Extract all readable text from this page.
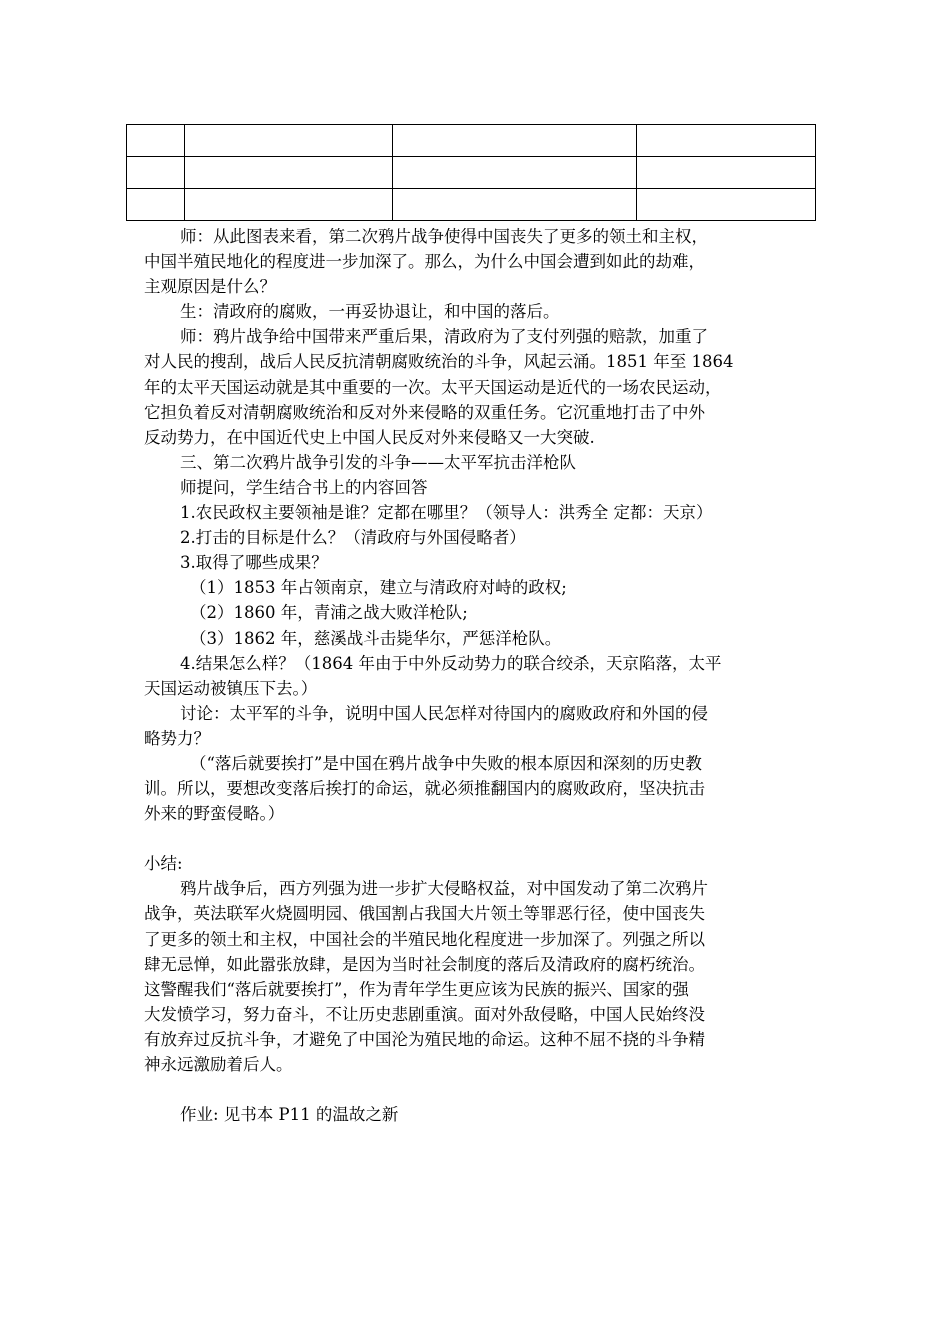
师：从此图表来看，第二次鸦片战争使得中国丧失了更多的领土和主权，

中国半殖民地化的程度进一步加深了。那么，为什么中国会遭到如此的劫难，

主观原因是什么？

生：清政府的腐败，一再妥协退让，和中国的落后。

师：鸦片战争给中国带来严重后果，清政府为了支付列强的赔款，加重了

对人民的搜刮，战后人民反抗清朝腐败统治的斗争，风起云涌。1851 年至 1864

年的太平天国运动就是其中重要的一次。太平天国运动是近代的一场农民运动，

它担负着反对清朝腐败统治和反对外来侵略的双重任务。它沉重地打击了中外

反动势力，在中国近代史上中国人民反对外来侵略又一大突破.

三、第二次鸦片战争引发的斗争——太平军抗击洋枪队

师提问，学生结合书上的内容回答

1.农民政权主要领袖是谁？定都在哪里？（领导人：洪秀全 定都：天京）

2.打击的目标是什么？（清政府与外国侵略者）

3.取得了哪些成果？

（1）1853 年占领南京，建立与清政府对峙的政权;

（2）1860 年，青浦之战大败洋枪队;

（3）1862 年，慈溪战斗击毙华尔，严惩洋枪队。

4.结果怎么样？（1864 年由于中外反动势力的联合绞杀，天京陷落，太平

天国运动被镇压下去。）

讨论：太平军的斗争，说明中国人民怎样对待国内的腐败政府和外国的侵

略势力？

（“落后就要挨打”是中国在鸦片战争中失败的根本原因和深刻的历史教

训。所以，要想改变落后挨打的命运，就必须推翻国内的腐败政府，坚决抗击

外来的野蛮侵略。）

小结:

鸦片战争后，西方列强为进一步扩大侵略权益，对中国发动了第二次鸦片

战争，英法联军火烧圆明园、俄国割占我国大片领土等罪恶行径，使中国丧失

了更多的领土和主权，中国社会的半殖民地化程度进一步加深了。列强之所以

肆无忌惮，如此嚣张放肆，是因为当时社会制度的落后及清政府的腐朽统治。

这警醒我们“落后就要挨打”，作为青年学生更应该为民族的振兴、国家的强

大发愤学习，努力奋斗，不让历史悲剧重演。面对外敌侵略，中国人民始终没

有放弃过反抗斗争，才避免了中国沦为殖民地的命运。这种不屈不挠的斗争精

神永远激励着后人。

作业: 见书本 P11 的温故之新
